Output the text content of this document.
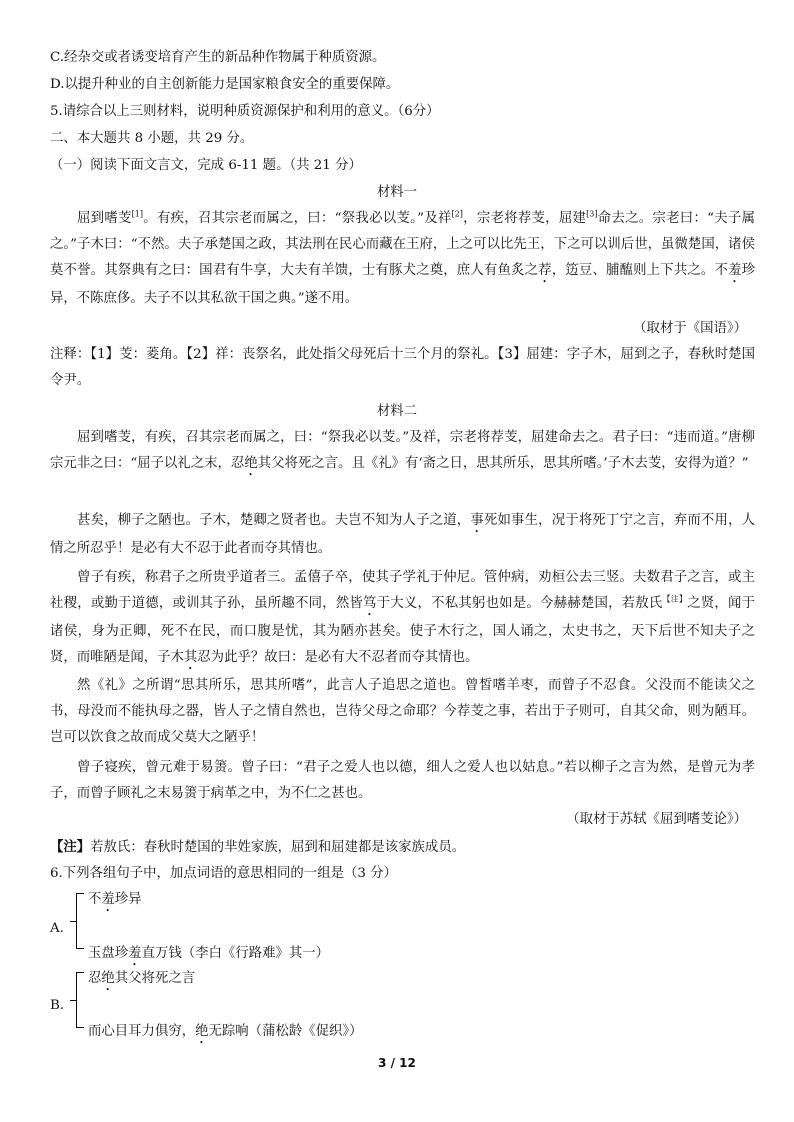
C.经杂交或者诱变培育产生的新品种作物属于种质资源。
D.以提升种业的自主创新能力是国家粮食安全的重要保障。
5.请综合以上三则材料，说明种质资源保护和利用的意义。（6分）
二、本大题共 8 小题，共 29 分。
（一）阅读下面文言文，完成 6-11 题。（共 21 分）
材料一
屈到嗜芰[1]。有疾，召其宗老而属之，曰：“祭我必以芰。”及祥[2]，宗老将荐芰，屈建[3]命去之。宗老曰：“夫子属之。”子木曰：“不然。夫子承楚国之政，其法刑在民心而藏在王府，上之可以比先王，下之可以训后世，虽微楚国，诸侯莫不誉。其祭典有之曰：国君有牛享，大夫有羊馈，士有豚犬之奠，庶人有鱼炙之荐，笾豆、脯醢则上下共之。不羞珍异，不陈庶侈。夫子不以其私欲干国之典。”遂不用。
（取材于《国语》）
注释：【1】芰：菱角。【2】祥：丧祭名，此处指父母死后十三个月的祭礼。【3】屈建：字子木，屈到之子，春秋时楚国令尹。
材料二
屈到嗜芰，有疾，召其宗老而属之，曰：“祭我必以芰。”及祥，宗老将荐芰，屈建命去之。君子曰：“违而道。”唐柳宗元非之曰：“屈子以礼之末，忍绝其父将死之言。且《礼》有‘斋之日，思其所乐，思其所嗜。’子木去芰，安得为道？”
甚矣，柳子之陋也。子木，楚卿之贤者也。夫岂不知为人子之道，事死如事生，况于将死丁宁之言，弃而不用，人情之所忍乎！是必有大不忍于此者而夺其情也。
曾子有疾，称君子之所贵乎道者三。孟僖子卒，使其子学礼于仲尼。管仲病，劝桓公去三竖。夫数君子之言，或主社稷，或勤于道德，或训其子孙，虽所趣不同，然皆笃于大义，不私其躬也如是。今赫赫楚国，若敖氏$^{【注】}$之贤，闻于诸侯，身为正卿，死不在民，而口腹是忧，其为陋亦甚矣。使子木行之，国人诵之，太史书之，天下后世不知夫子之贤，而唯陋是闻，子木其忍为此乎？故曰：是必有大不忍者而夺其情也。
然《礼》之所谓“思其所乐，思其所嗜”，此言人子追思之道也。曾皙嗜羊枣，而曾子不忍食。父没而不能读父之书，母没而不能执母之器，皆人子之情自然也，岂待父母之命耶？今荐芰之事，若出于子则可，自其父命，则为陋耳。岂可以饮食之故而成父莫大之陋乎！
曾子寝疾，曾元难于易箦。曾子曰：“君子之爱人也以德，细人之爱人也以姑息。”若以柳子之言为然，是曾元为孝子，而曾子顾礼之末易箦于病革之中，为不仁之甚也。
（取材于苏轼《屈到嗜芰论》）
【注】若敖氏：春秋时楚国的芈姓家族，屈到和屈建都是该家族成员。
6.下列各组句子中，加点词语的意思相同的一组是（3 分）
A.
不羞珍异
玉盘珍羞直万钱（李白《行路难》其一）
B.
忍绝其父将死之言
而心目耳力俱穷，绝无踪响（蒲松龄《促织》）
3 / 12
